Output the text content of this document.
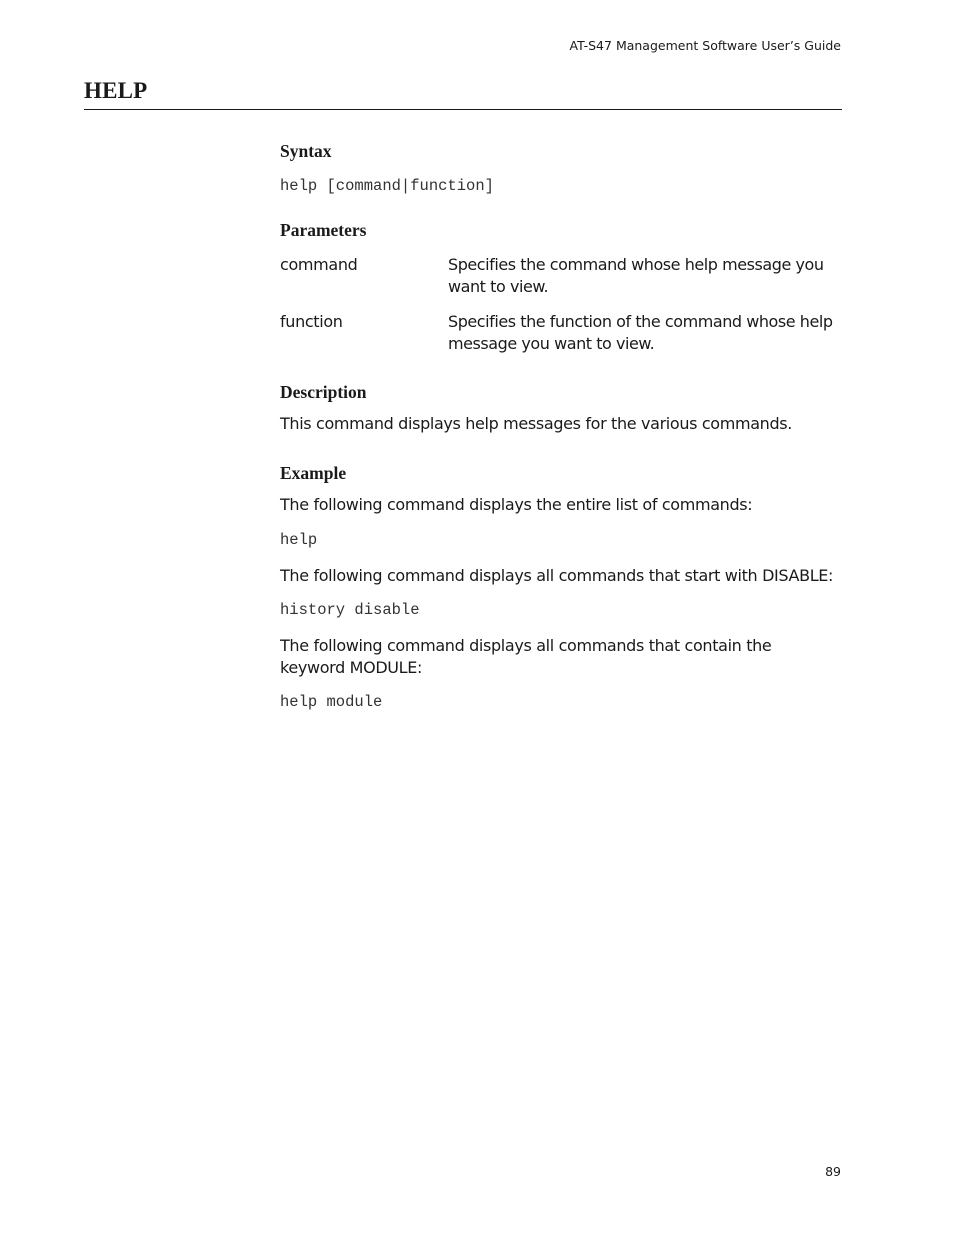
AT-S47 Management Software User’s Guide
HELP
Syntax
help [command|function]
Parameters
command	Specifies the command whose help message you want to view.
function	Specifies the function of the command whose help message you want to view.
Description
This command displays help messages for the various commands.
Example
The following command displays the entire list of commands:
help
The following command displays all commands that start with DISABLE:
history disable
The following command displays all commands that contain the keyword MODULE:
help module
89
